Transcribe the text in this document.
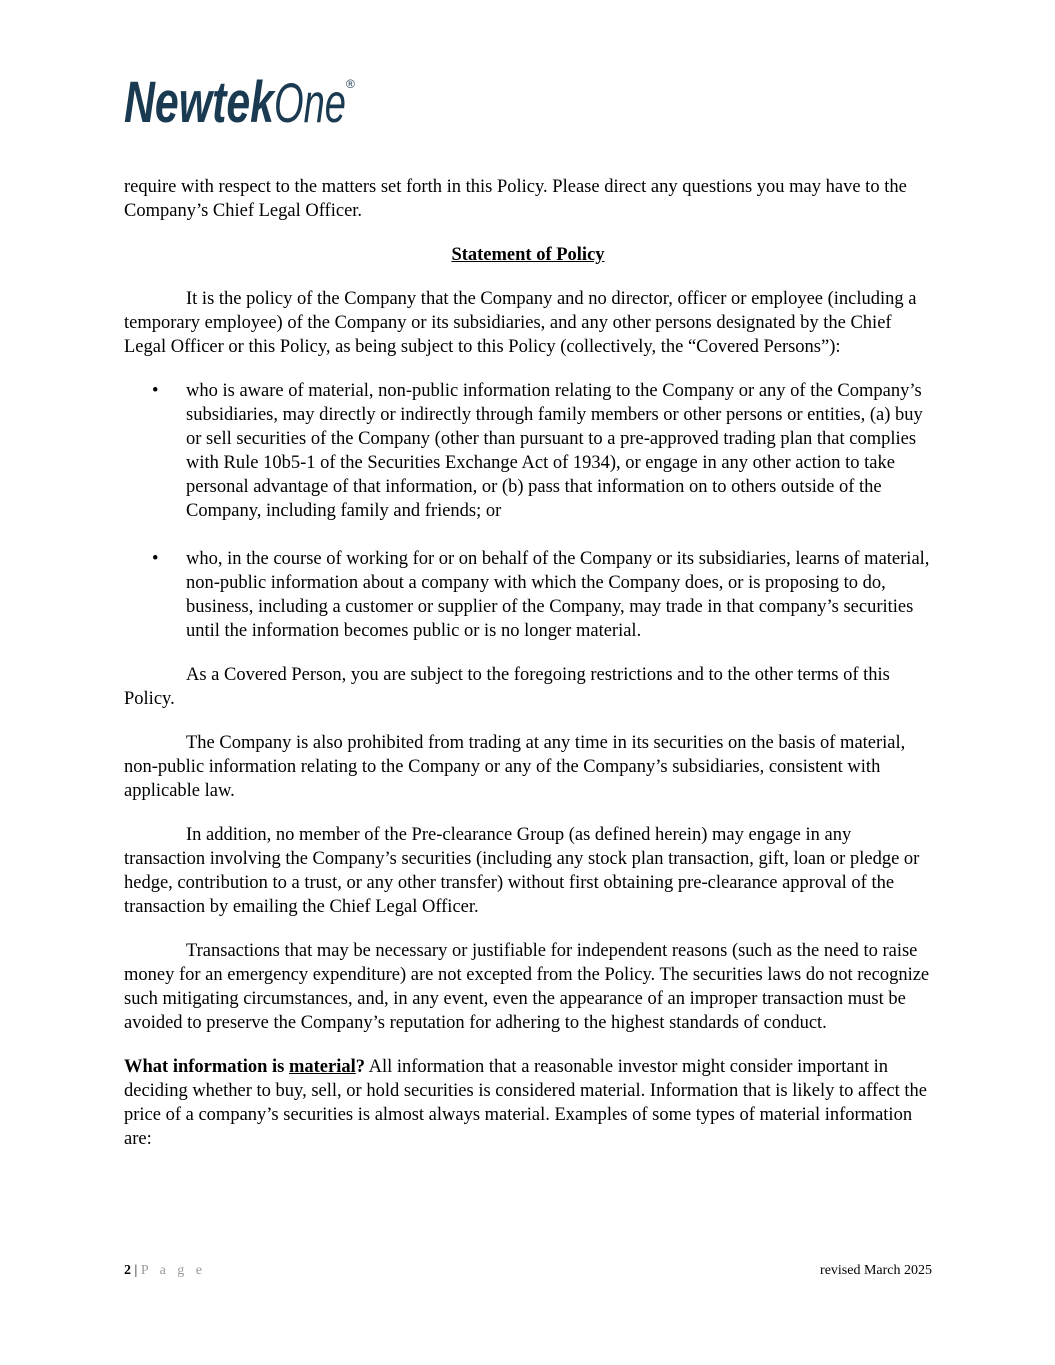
Newtek
One ®

require with respect to the matters set forth in this Policy. Please direct any questions you may have to the Company’s Chief Legal Officer.

Statement of Policy

It is the policy of the Company that the Company and no director, officer or employee (including a temporary employee) of the Company or its subsidiaries, and any other persons designated by the Chief Legal Officer or this Policy, as being subject to this Policy (collectively, the “Covered Persons”):

• who is aware of material, non-public information relating to the Company or any of the Company’s subsidiaries, may directly or indirectly through family members or other persons or entities, (a) buy or sell securities of the Company (other than pursuant to a pre-approved trading plan that complies with Rule 10b5-1 of the Securities Exchange Act of 1934), or engage in any other action to take personal advantage of that information, or (b) pass that information on to others outside of the Company, including family and friends; or
• who, in the course of working for or on behalf of the Company or its subsidiaries, learns of material, non-public information about a company with which the Company does, or is proposing to do, business, including a customer or supplier of the Company, may trade in that company’s securities until the information becomes public or is no longer material.

As a Covered Person, you are subject to the foregoing restrictions and to the other terms of this Policy.

The Company is also prohibited from trading at any time in its securities on the basis of material, non-public information relating to the Company or any of the Company’s subsidiaries, consistent with applicable law.

In addition, no member of the Pre-clearance Group (as defined herein) may engage in any transaction involving the Company’s securities (including any stock plan transaction, gift, loan or pledge or hedge, contribution to a trust, or any other transfer) without first obtaining pre-clearance approval of the transaction by emailing the Chief Legal Officer.

Transactions that may be necessary or justifiable for independent reasons (such as the need to raise money for an emergency expenditure) are not excepted from the Policy. The securities laws do not recognize such mitigating circumstances, and, in any event, even the appearance of an improper transaction must be avoided to preserve the Company’s reputation for adhering to the highest standards of conduct.

What information is material? All information that a reasonable investor might consider important in deciding whether to buy, sell, or hold securities is considered material. Information that is likely to affect the price of a company’s securities is almost always material. Examples of some types of material information are:

2 | P a g e	revised March 2025
